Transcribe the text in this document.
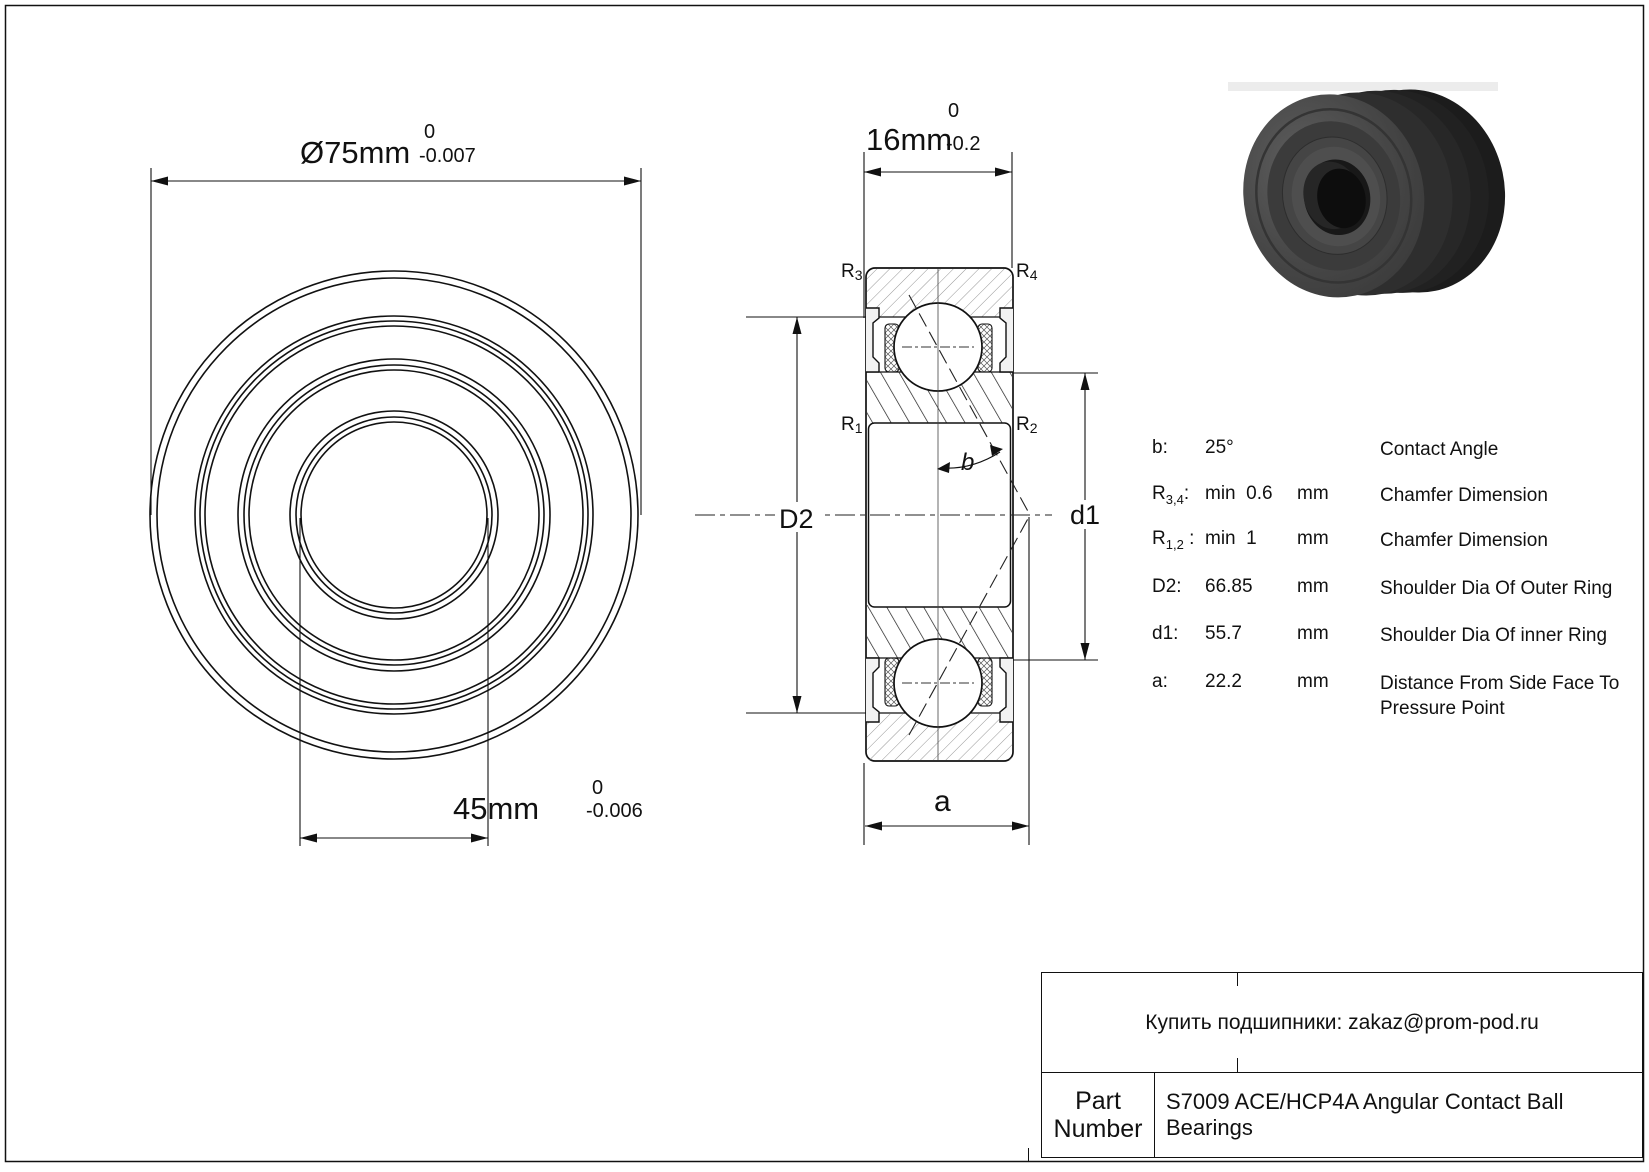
Ø75mm
0
-0.007
45mm
0
-0.006
R3	R4
R1	R2
b
16mm
0
-0.2
D2	d1
a
b: 25°	Contact Angle
$R_{3,4}$: min  0.6 mm	Chamfer Dimension
$R_{1,2}$ : min  1 mm	Chamfer Dimension
D2: 66.85 mm	Shoulder Dia Of Outer Ring
d1: 55.7	mm	Shoulder Dia Of inner Ring
a: 22.2	mm	Distance From Side Face To Pressure Point
Купить подшипники: zakaz@prom-pod.ru
Part
Number
S7009 ACE/HCP4A Angular Contact Ball Bearings
